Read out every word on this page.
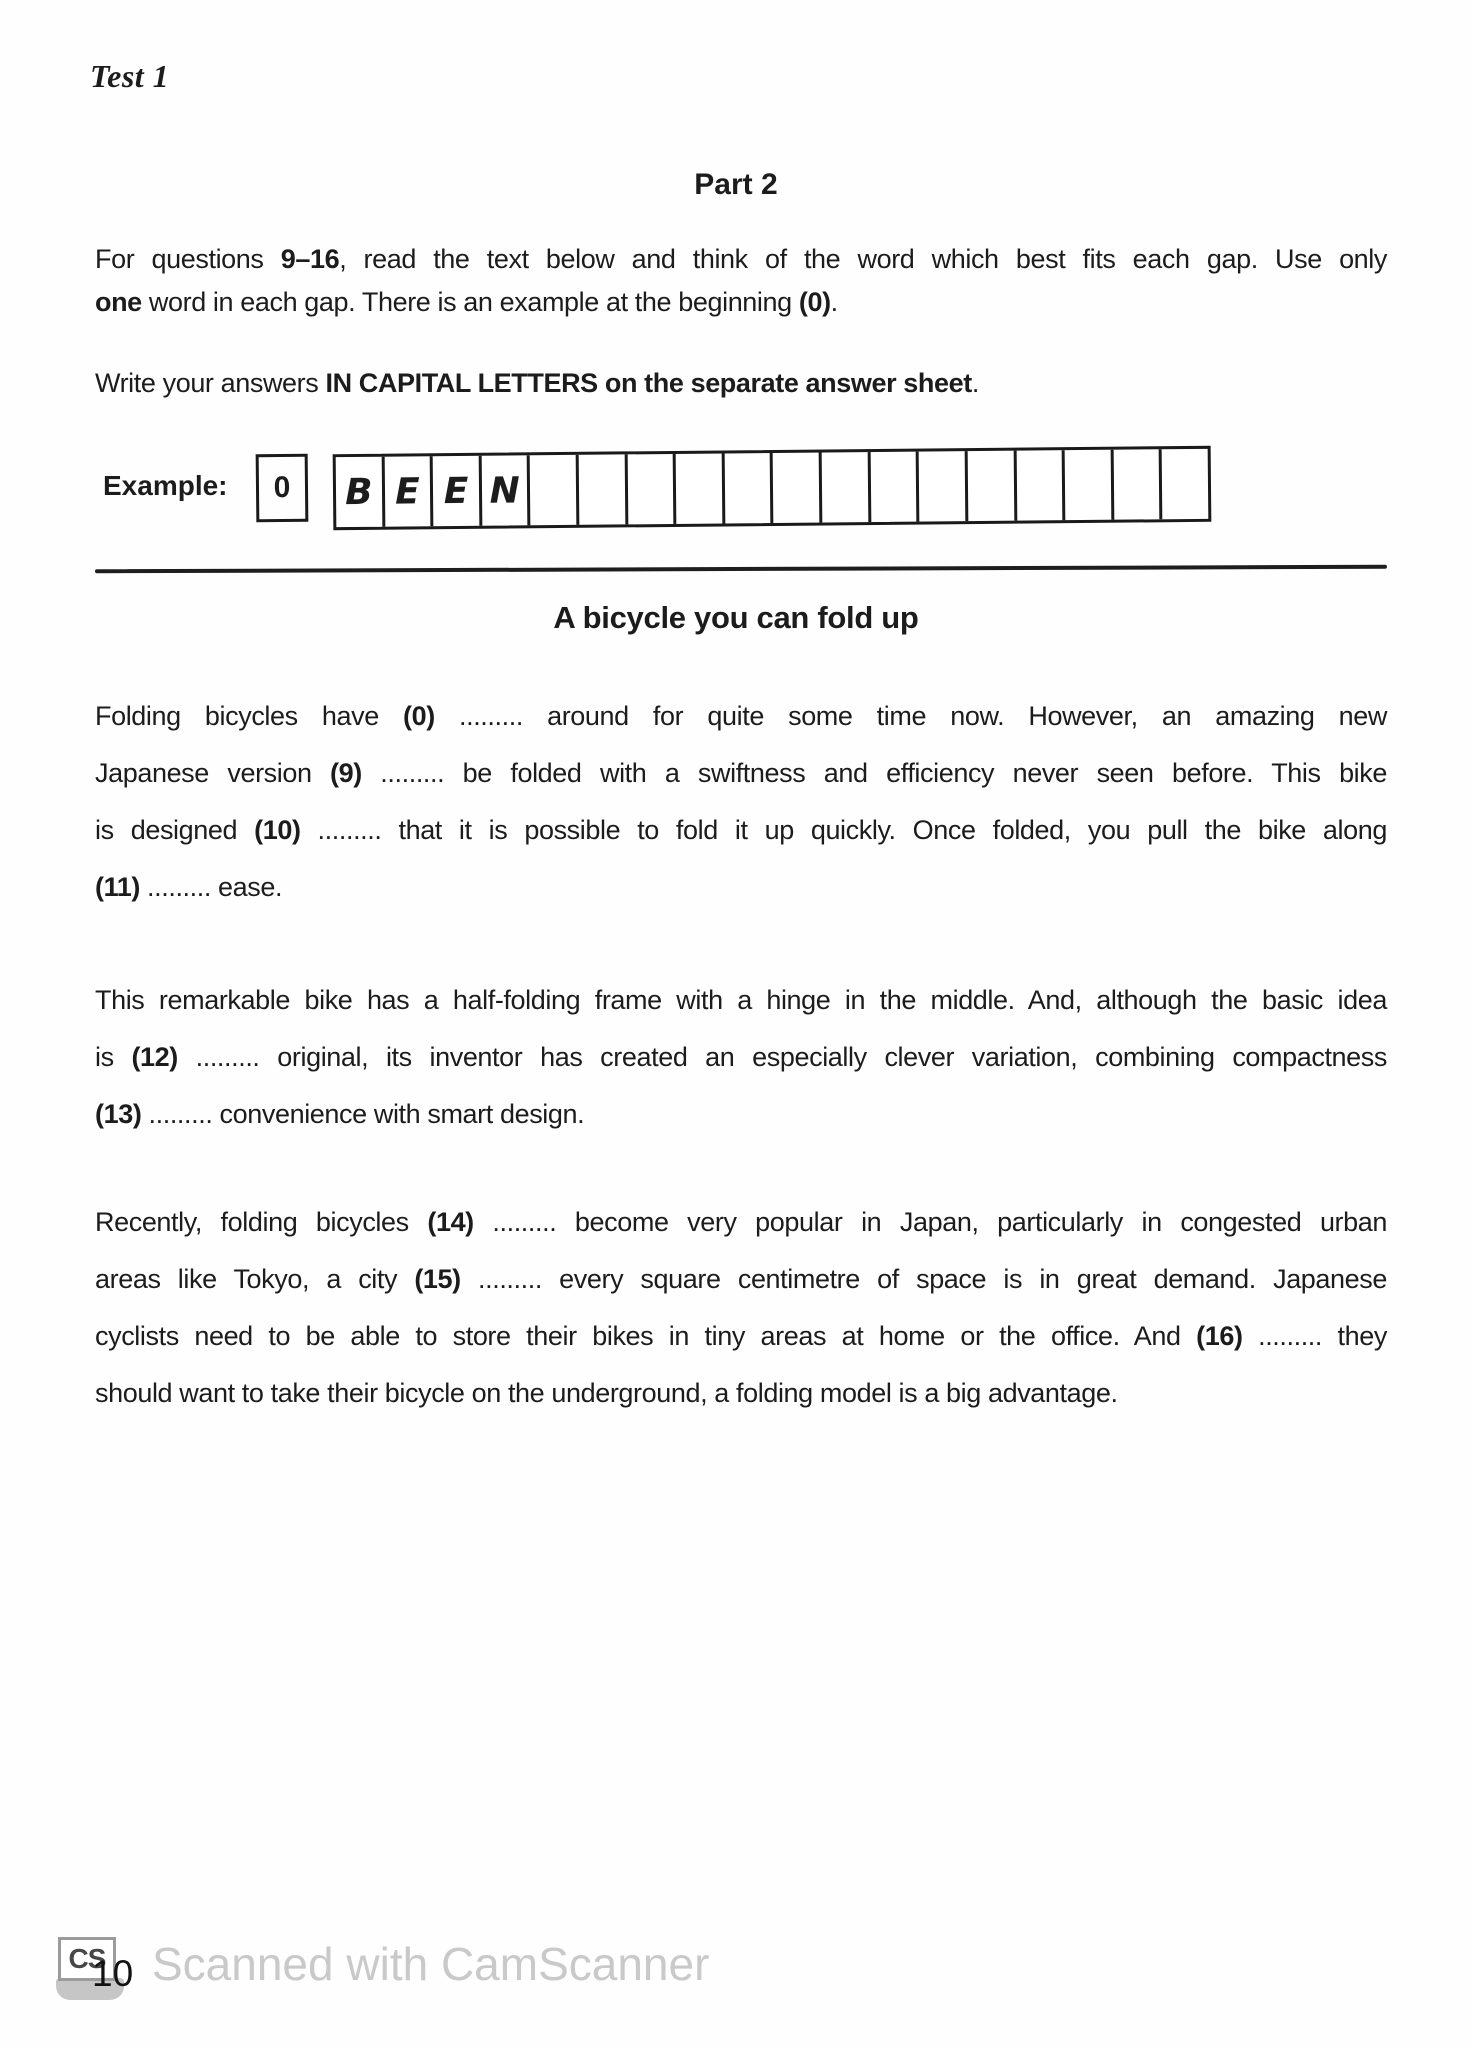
Test 1
Part 2
For questions 9–16, read the text below and think of the word which best fits each gap. Use only
one word in each gap. There is an example at the beginning (0).
Write your answers IN CAPITAL LETTERS on the separate answer sheet.
Example:	0	B E E N
A bicycle you can fold up
Folding bicycles have (0) ......... around for quite some time now. However, an amazing new
Japanese version (9) ......... be folded with a swiftness and efficiency never seen before. This bike
is designed (10) ......... that it is possible to fold it up quickly. Once folded, you pull the bike along
(11) ......... ease.
This remarkable bike has a half-folding frame with a hinge in the middle. And, although the basic idea
is (12) ......... original, its inventor has created an especially clever variation, combining compactness
(13) ......... convenience with smart design.
Recently, folding bicycles (14) ......... become very popular in Japan, particularly in congested urban
areas like Tokyo, a city (15) ......... every square centimetre of space is in great demand. Japanese
cyclists need to be able to store their bikes in tiny areas at home or the office. And (16) ......... they
should want to take their bicycle on the underground, a folding model is a big advantage.
10
CS Scanned with CamScanner
